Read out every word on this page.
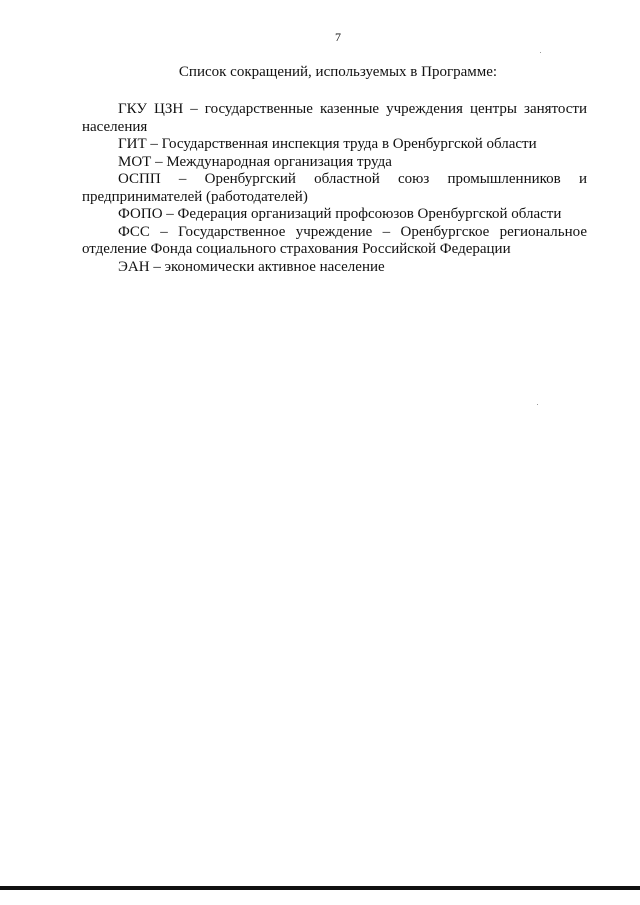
7
Список сокращений, используемых в Программе:

ГКУ ЦЗН – государственные казенные учреждения центры занятости населения

ГИТ – Государственная инспекция труда в Оренбургской области

МОТ – Международная организация труда

ОСПП – Оренбургский областной союз промышленников и предпринимателей (работодателей)

ФОПО – Федерация организаций профсоюзов Оренбургской области

ФСС – Государственное учреждение – Оренбургское региональное отделение Фонда социального страхования Российской Федерации

ЭАН – экономически активное население
